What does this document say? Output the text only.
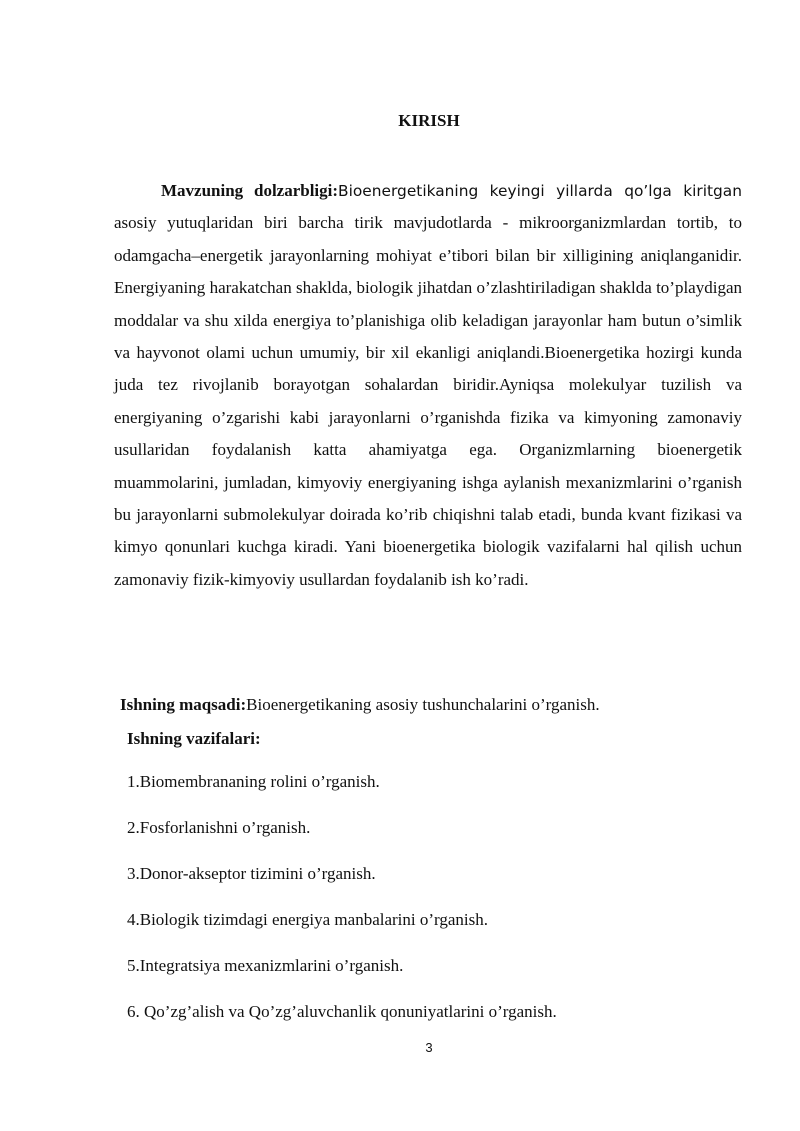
KIRISH

Mavzuning dolzarbligi:Bioenergetikaning keyingi yillarda qo’lga kiritgan asosiy yutuqlaridan biri barcha tirik mavjudotlarda - mikroorganizmlardan tortib, to odamgacha–energetik jarayonlarning mohiyat e’tibori bilan bir xilligining aniqlanganidir. Energiyaning harakatchan shaklda, biologik jihatdan o’zlashtiriladigan shaklda to’playdigan moddalar va shu xilda energiya to’planishiga olib keladigan jarayonlar ham butun o’simlik va hayvonot olami uchun umumiy, bir xil ekanligi aniqlandi.Bioenergetika hozirgi kunda juda tez rivojlanib borayotgan sohalardan biridir.Ayniqsa molekulyar tuzilish va energiyaning o’zgarishi kabi jarayonlarni o’rganishda fizika va kimyoning zamonaviy usullaridan foydalanish katta ahamiyatga ega. Organizmlarning bioenergetik muammolarini, jumladan, kimyoviy energiyaning ishga aylanish mexanizmlarini o’rganish bu jarayonlarni submolekulyar doirada ko’rib chiqishni talab etadi, bunda kvant fizikasi va kimyo qonunlari kuchga kiradi. Yani bioenergetika biologik vazifalarni hal qilish uchun zamonaviy fizik-kimyoviy usullardan foydalanib ish ko’radi.

Ishning maqsadi:Bioenergetikaning asosiy tushunchalarini o’rganish.
Ishning vazifalari:
1.Biomembrananing rolini o’rganish.
2.Fosforlanishni o’rganish.
3.Donor-akseptor tizimini o’rganish.
4.Biologik tizimdagi energiya manbalarini o’rganish.
5.Integratsiya mexanizmlarini o’rganish.
6. Qo’zg’alish va Qo’zg’aluvchanlik qonuniyatlarini o’rganish.
3
